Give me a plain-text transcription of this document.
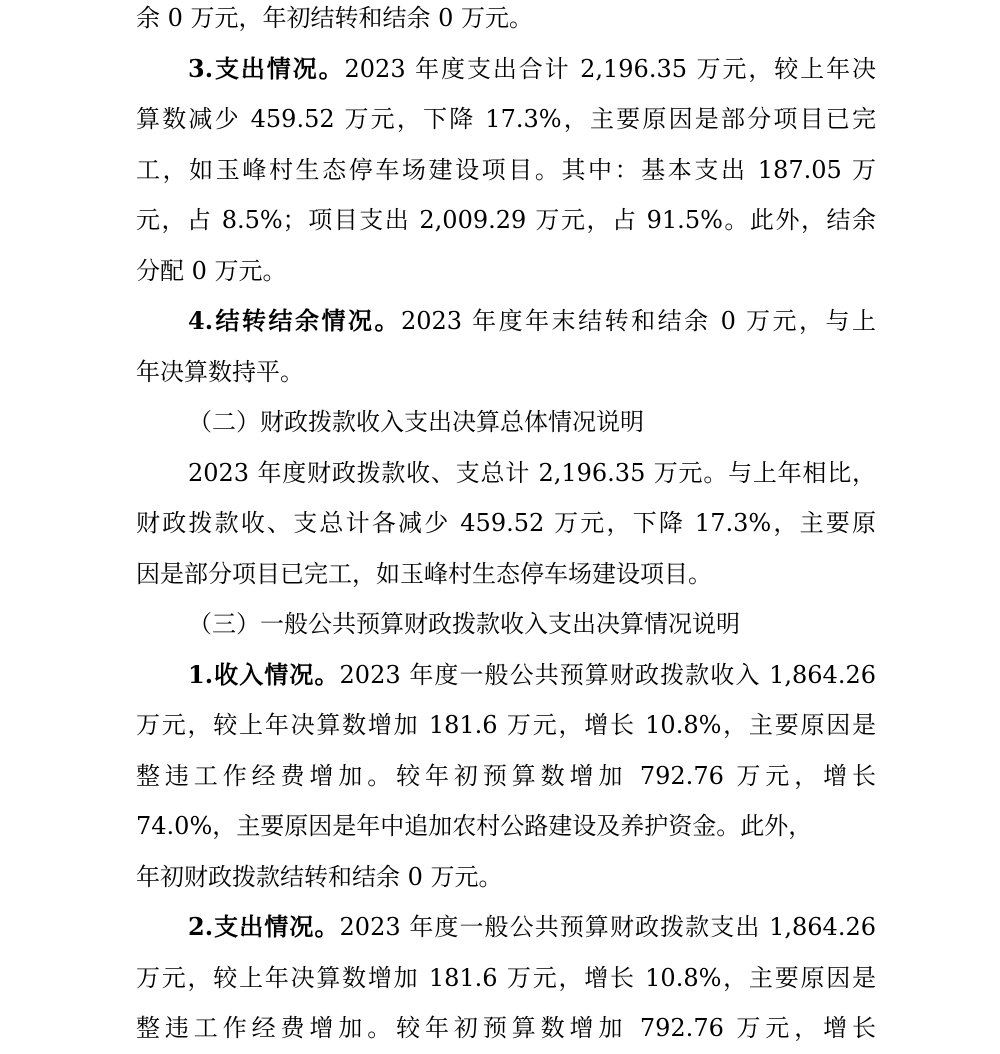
余 0 万元，年初结转和结余 0 万元。
3.支出情况。2023 年度支出合计 2,196.35 万元，较上年决
算数减少 459.52 万元，下降 17.3%，主要原因是部分项目已完
工，如玉峰村生态停车场建设项目。其中：基本支出 187.05 万
元，占 8.5%；项目支出 2,009.29 万元，占 91.5%。此外，结余
分配 0 万元。
4.结转结余情况。2023 年度年末结转和结余 0 万元，与上
年决算数持平。
（二）财政拨款收入支出决算总体情况说明
2023 年度财政拨款收、支总计 2,196.35 万元。与上年相比，
财政拨款收、支总计各减少 459.52 万元，下降 17.3%，主要原
因是部分项目已完工，如玉峰村生态停车场建设项目。
（三）一般公共预算财政拨款收入支出决算情况说明
1.收入情况。2023 年度一般公共预算财政拨款收入 1,864.26
万元，较上年决算数增加 181.6 万元，增长 10.8%，主要原因是
整违工作经费增加。较年初预算数增加 792.76 万元，增长
74.0%，主要原因是年中追加农村公路建设及养护资金。此外，
年初财政拨款结转和结余 0 万元。
2.支出情况。2023 年度一般公共预算财政拨款支出 1,864.26
万元，较上年决算数增加 181.6 万元，增长 10.8%，主要原因是
整违工作经费增加。较年初预算数增加 792.76 万元，增长
